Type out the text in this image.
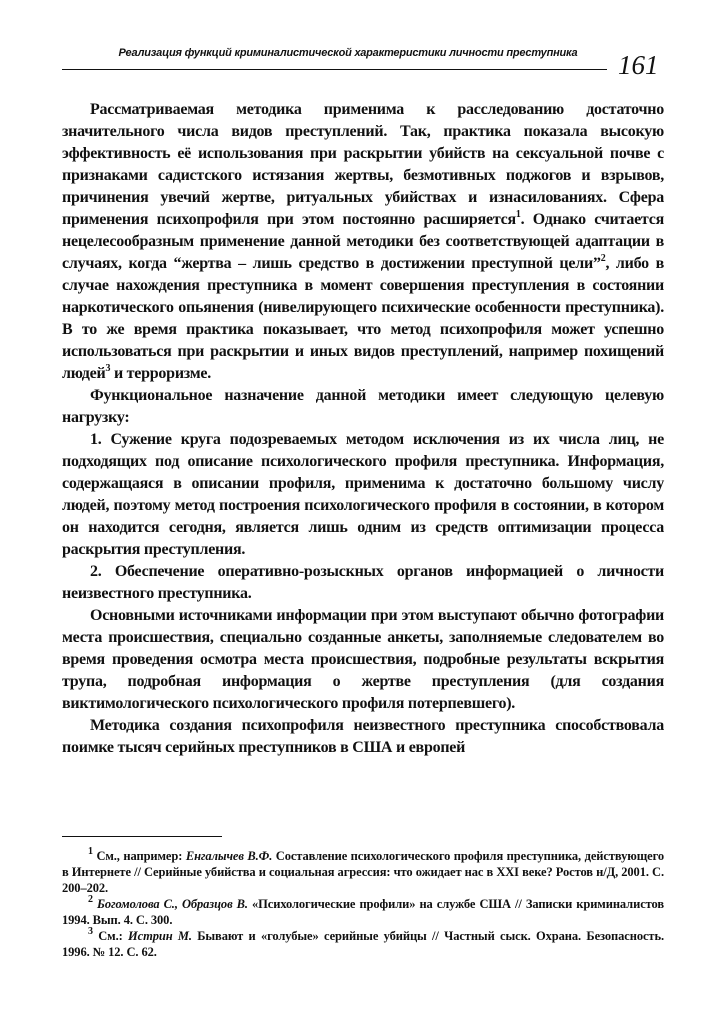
Реализация функций криминалистической характеристики личности преступника	161

Рассматриваемая методика применима к расследованию достаточно значительного числа видов преступлений. Так, практика показала высокую эффективность её использования при раскрытии убийств на сексуальной почве с признаками садистского истязания жертвы, безмотивных поджогов и взрывов, причинения увечий жертве, ритуальных убийствах и изнасилованиях. Сфера применения психопрофиля при этом постоянно расширяется$^1$. Однако считается нецелесообразным применение данной методики без соответствующей адаптации в случаях, когда “жертва – лишь средство в достижении преступной цели”$^2$, либо в случае нахождения преступника в момент совершения преступления в состоянии наркотического опьянения (нивелирующего психические особенности преступника). В то же время практика показывает, что метод психопрофиля может успешно использоваться при раскрытии и иных видов преступлений, например похищений людей$^3$ и терроризме.

Функциональное назначение данной методики имеет следующую целевую нагрузку:

1. Сужение круга подозреваемых методом исключения из их числа лиц, не подходящих под описание психологического профиля преступника. Информация, содержащаяся в описании профиля, применима к достаточно большому числу людей, поэтому метод построения психологического профиля в состоянии, в котором он находится сегодня, является лишь одним из средств оптимизации процесса раскрытия преступления.

2. Обеспечение оперативно-розыскных органов информацией о личности неизвестного преступника.

Основными источниками информации при этом выступают обычно фотографии места происшествия, специально созданные анкеты, заполняемые следователем во время проведения осмотра места происшествия, подробные результаты вскрытия трупа, подробная информация о жертве преступления (для создания виктимологического психологического профиля потерпевшего).

Методика создания психопрофиля неизвестного преступника способствовала поимке тысяч серийных преступников в США и европей

$^1$ См., например: Енгалычев В.Ф. Составление психологического профиля преступника, действующего в Интернете // Серийные убийства и социальная агрессия: что ожидает нас в XXI веке? Ростов н/Д, 2001. С. 200–202.

$^2$ Богомолова С., Образцов В. «Психологические профили» на службе США // Записки криминалистов 1994. Вып. 4. С. 300.

$^3$ См.: Истрин М. Бывают и «голубые» серийные убийцы // Частный сыск. Охрана. Безопасность. 1996. № 12. С. 62.
